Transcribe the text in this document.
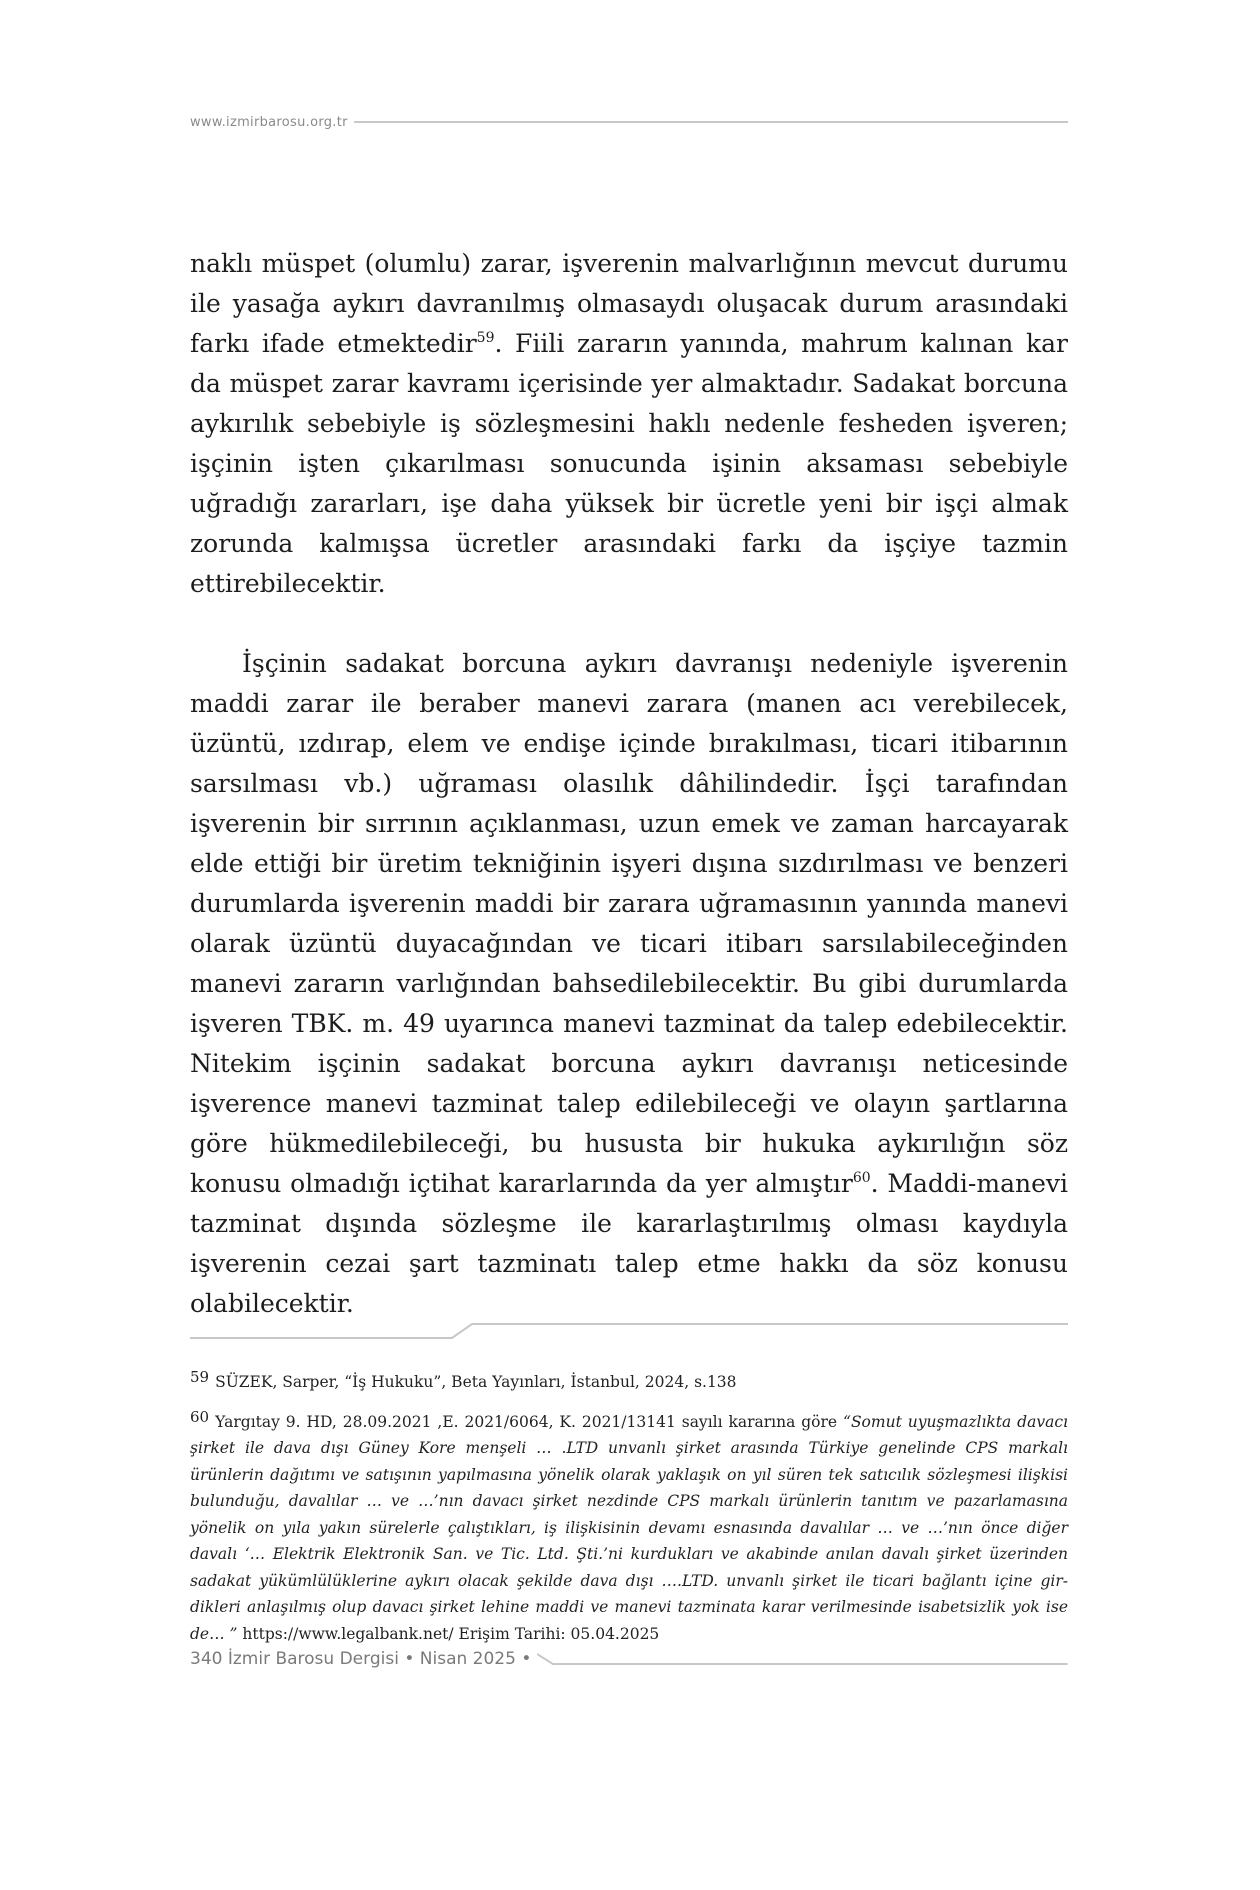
www.izmirbarosu.org.tr

naklı müspet (olumlu) zarar, işverenin malvarlığının mevcut durumu ile yasağa aykırı davranılmış olmasaydı oluşacak durum arasındaki farkı ifade etmektedir$^{59}$. Fiili zararın yanında, mahrum kalınan kar da müspet zarar kavramı içerisinde yer almaktadır. Sadakat borcuna aykırılık sebebiyle iş sözleşmesini haklı nedenle fesheden işveren; işçinin işten çıkarılması sonucunda işinin aksaması sebebiyle uğradığı zararları, işe daha yüksek bir ücretle yeni bir işçi almak zorunda kalmışsa ücretler arasındaki farkı da işçiye tazmin ettirebilecektir.

İşçinin sadakat borcuna aykırı davranışı nedeniyle işverenin maddi zarar ile beraber manevi zarara (manen acı verebilecek, üzüntü, ızdırap, elem ve endişe içinde bırakılması, ticari itibarının sarsılması vb.) uğraması olasılık dâhilindedir. İşçi tarafından işverenin bir sırrının açıklanması, uzun emek ve zaman harcayarak elde ettiği bir üretim tekniğinin işyeri dışına sızdırılması ve benzeri durumlarda işverenin maddi bir zarara uğramasının yanında manevi olarak üzüntü duyacağından ve ticari itibarı sarsılabileceğinden manevi zararın varlığından bahsedilebilecektir. Bu gibi durumlarda işveren TBK. m. 49 uyarınca manevi tazminat da talep edebilecektir. Nitekim işçinin sadakat borcuna aykırı davranışı neticesinde işverence manevi tazminat talep edilebileceği ve olayın şartlarına göre hükmedilebileceği, bu hususta bir hukuka aykırılığın söz konusu olmadığı içtihat kararlarında da yer almıştır$^{60}$. Maddi-manevi tazminat dışında sözleşme ile kararlaştırılmış olması kaydıyla işverenin cezai şart tazminatı talep etme hakkı da söz konusu olabilecektir.

59 SÜZEK, Sarper, “İş Hukuku”, Beta Yayınları, İstanbul, 2024, s.138

60 Yargıtay 9. HD, 28.09.2021 ,E. 2021/6064, K. 2021/13141 sayılı kararına göre “Somut uyuşmazlıkta davacı şirket ile dava dışı Güney Kore menşeli … .LTD unvanlı şirket arasında Türkiye genelinde CPS markalı ürünlerin dağıtımı ve satışının yapılmasına yönelik olarak yaklaşık on yıl süren tek satıcılık sözleşmesi ilişkisi bulunduğu, davalılar … ve …’nın davacı şirket nezdinde CPS markalı ürünlerin tanıtım ve pazarlamasına yönelik on yıla yakın sürelerle çalıştıkları, iş ilişkisinin devamı esnasında davalılar … ve …’nın önce diğer davalı ‘… Elektrik Elektronik San. ve Tic. Ltd. Şti.’ni kurdukları ve akabinde anılan davalı şirket üzerinden sadakat yükümlülüklerine aykırı olacak şekilde dava dışı ….LTD. unvanlı şirket ile ticari bağlantı içine girdikleri anlaşılmış olup davacı şirket lehine maddi ve manevi tazminata karar verilmesinde isabetsizlik yok ise de… ” https://www.legalbank.net/ Erişim Tarihi: 05.04.2025

340 İzmir Barosu Dergisi • Nisan 2025 •
